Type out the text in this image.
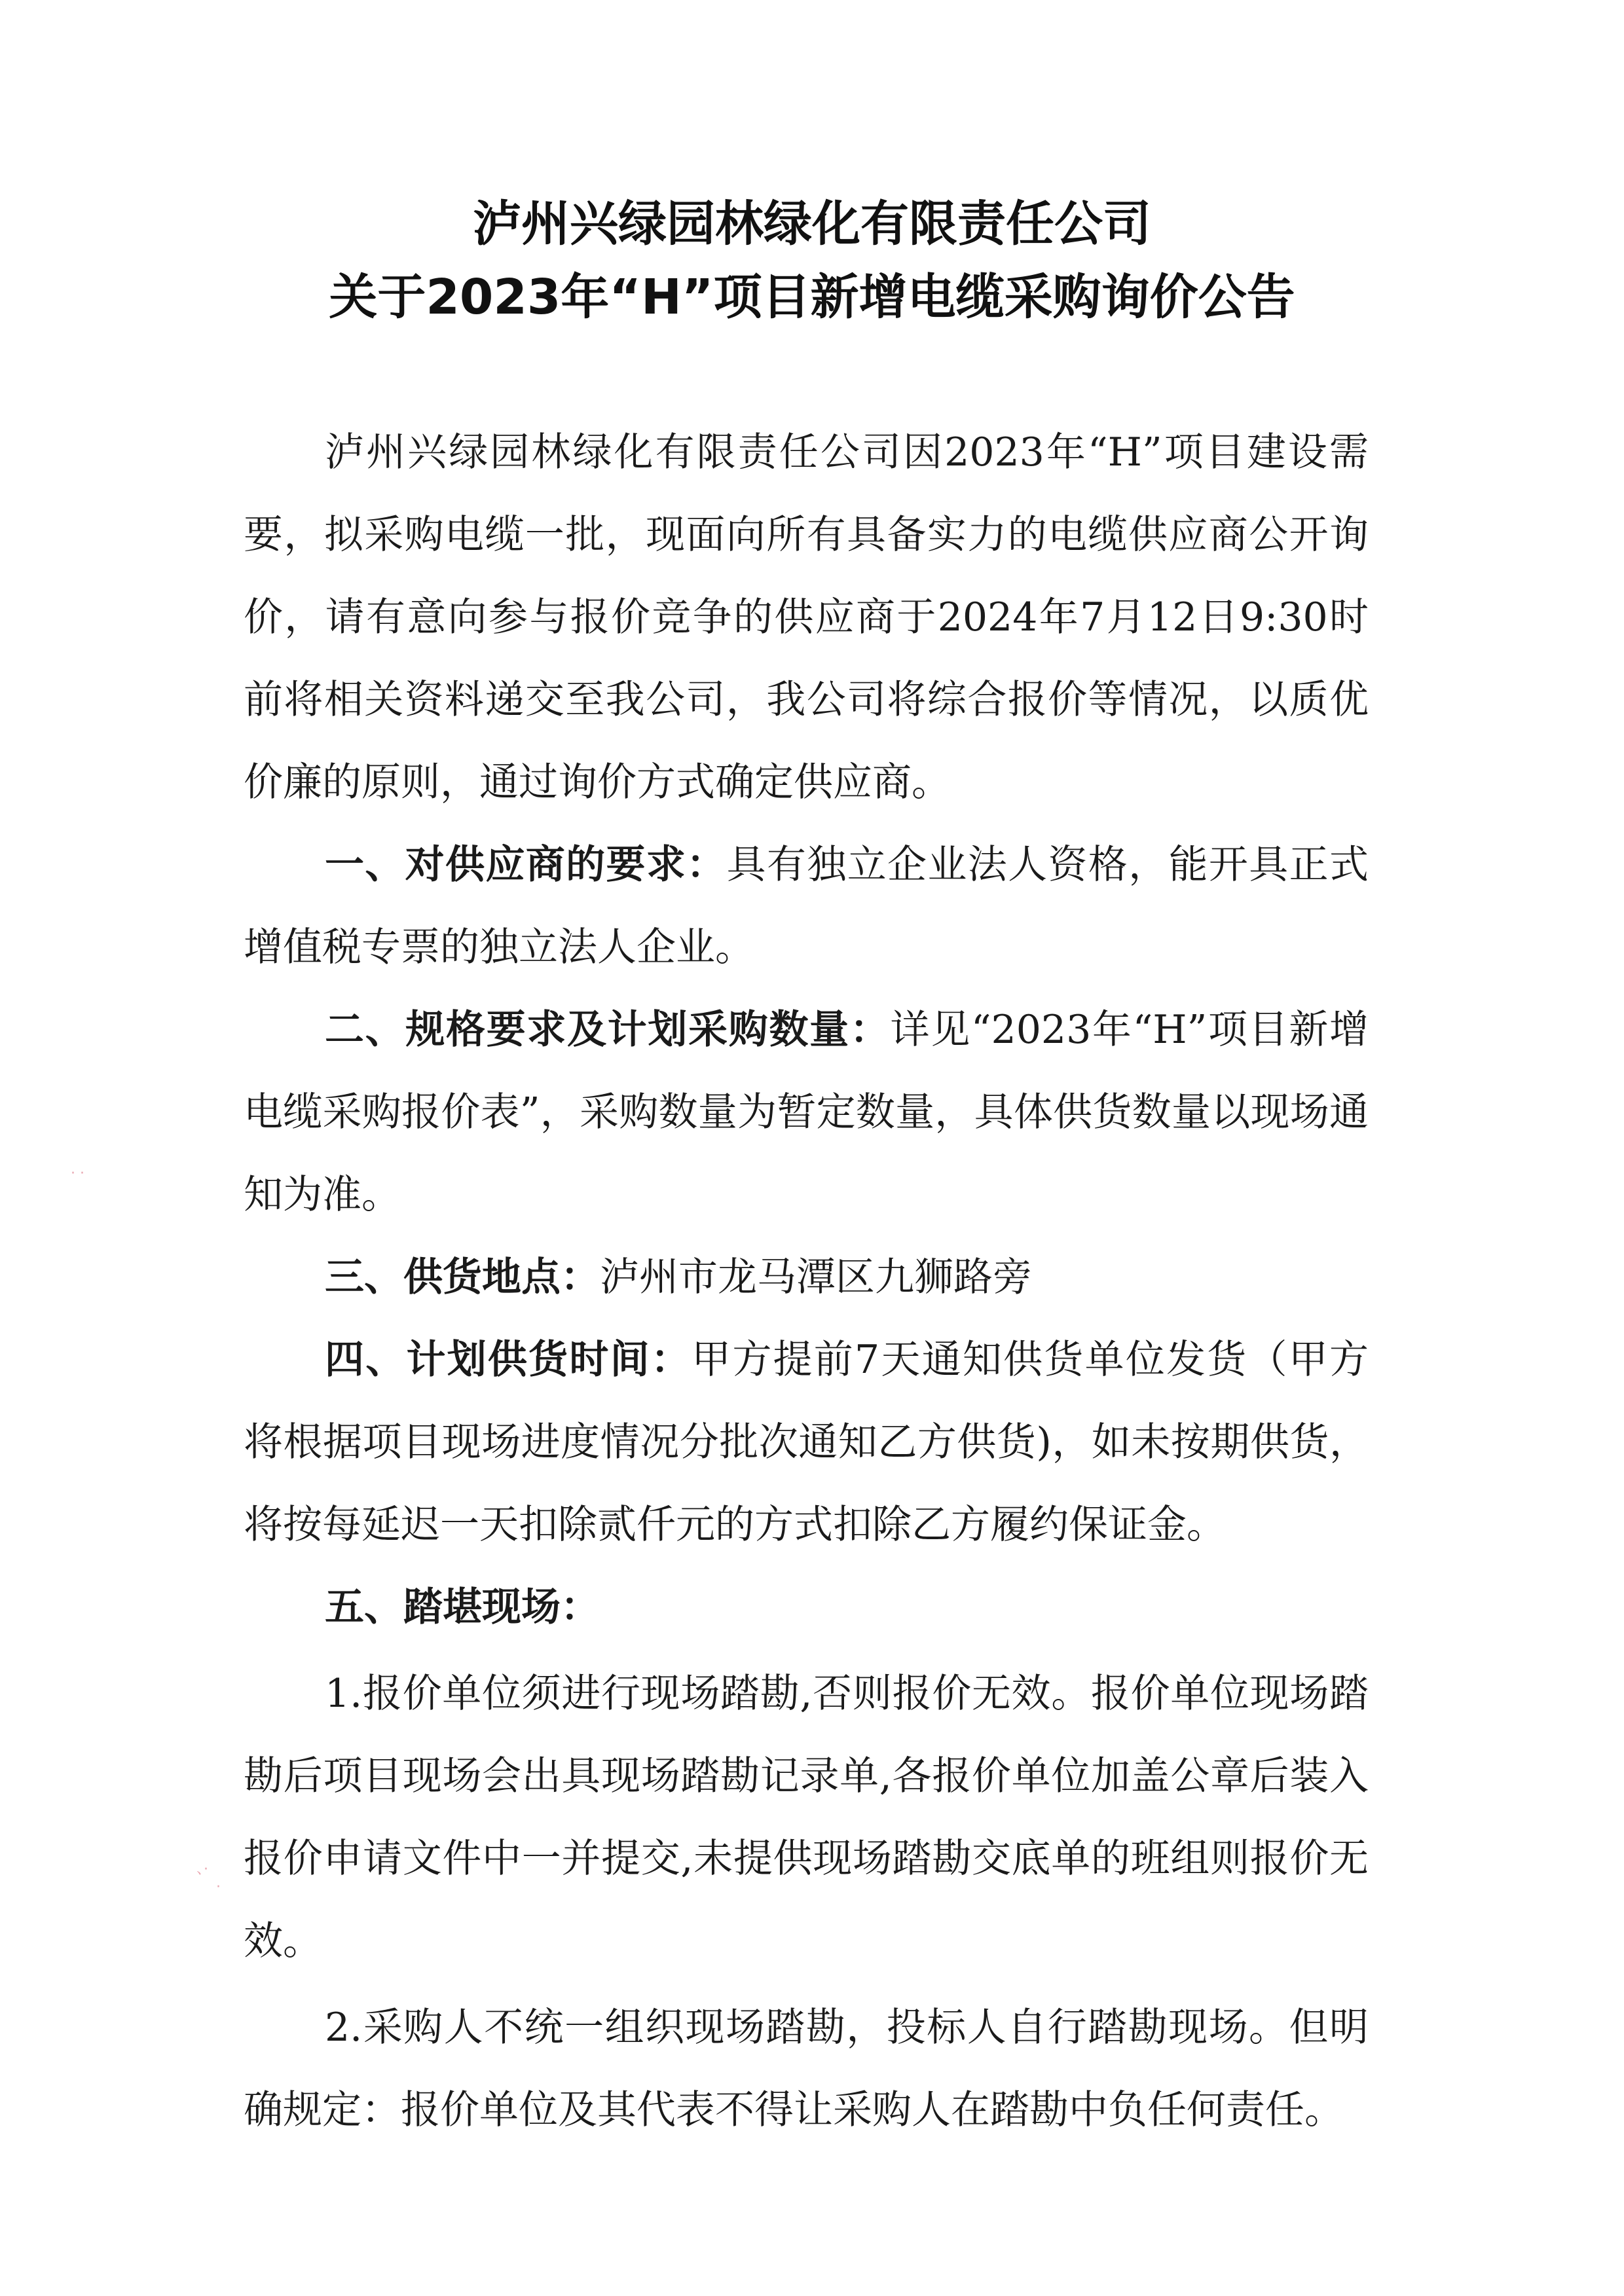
泸州兴绿园林绿化有限责任公司
关于2023年“H”项目新增电缆采购询价公告

泸州兴绿园林绿化有限责任公司因2023年“H”项目建设需要，拟采购电缆一批，现面向所有具备实力的电缆供应商公开询价，请有意向参与报价竞争的供应商于2024年7月12日9:30时前将相关资料递交至我公司，我公司将综合报价等情况，以质优价廉的原则，通过询价方式确定供应商。

一、对供应商的要求：具有独立企业法人资格，能开具正式增值税专票的独立法人企业。

二、规格要求及计划采购数量：详见“2023年“H”项目新增电缆采购报价表”，采购数量为暂定数量，具体供货数量以现场通知为准。

三、供货地点：泸州市龙马潭区九狮路旁

四、计划供货时间：甲方提前7天通知供货单位发货（甲方将根据项目现场进度情况分批次通知乙方供货)，如未按期供货，将按每延迟一天扣除贰仟元的方式扣除乙方履约保证金。

五、踏堪现场：

1.报价单位须进行现场踏勘,否则报价无效。报价单位现场踏勘后项目现场会出具现场踏勘记录单,各报价单位加盖公章后装入报价申请文件中一并提交,未提供现场踏勘交底单的班组则报价无效。

2.采购人不统一组织现场踏勘，投标人自行踏勘现场。但明确规定：报价单位及其代表不得让采购人在踏勘中负任何责任。

· ·
、·
·
